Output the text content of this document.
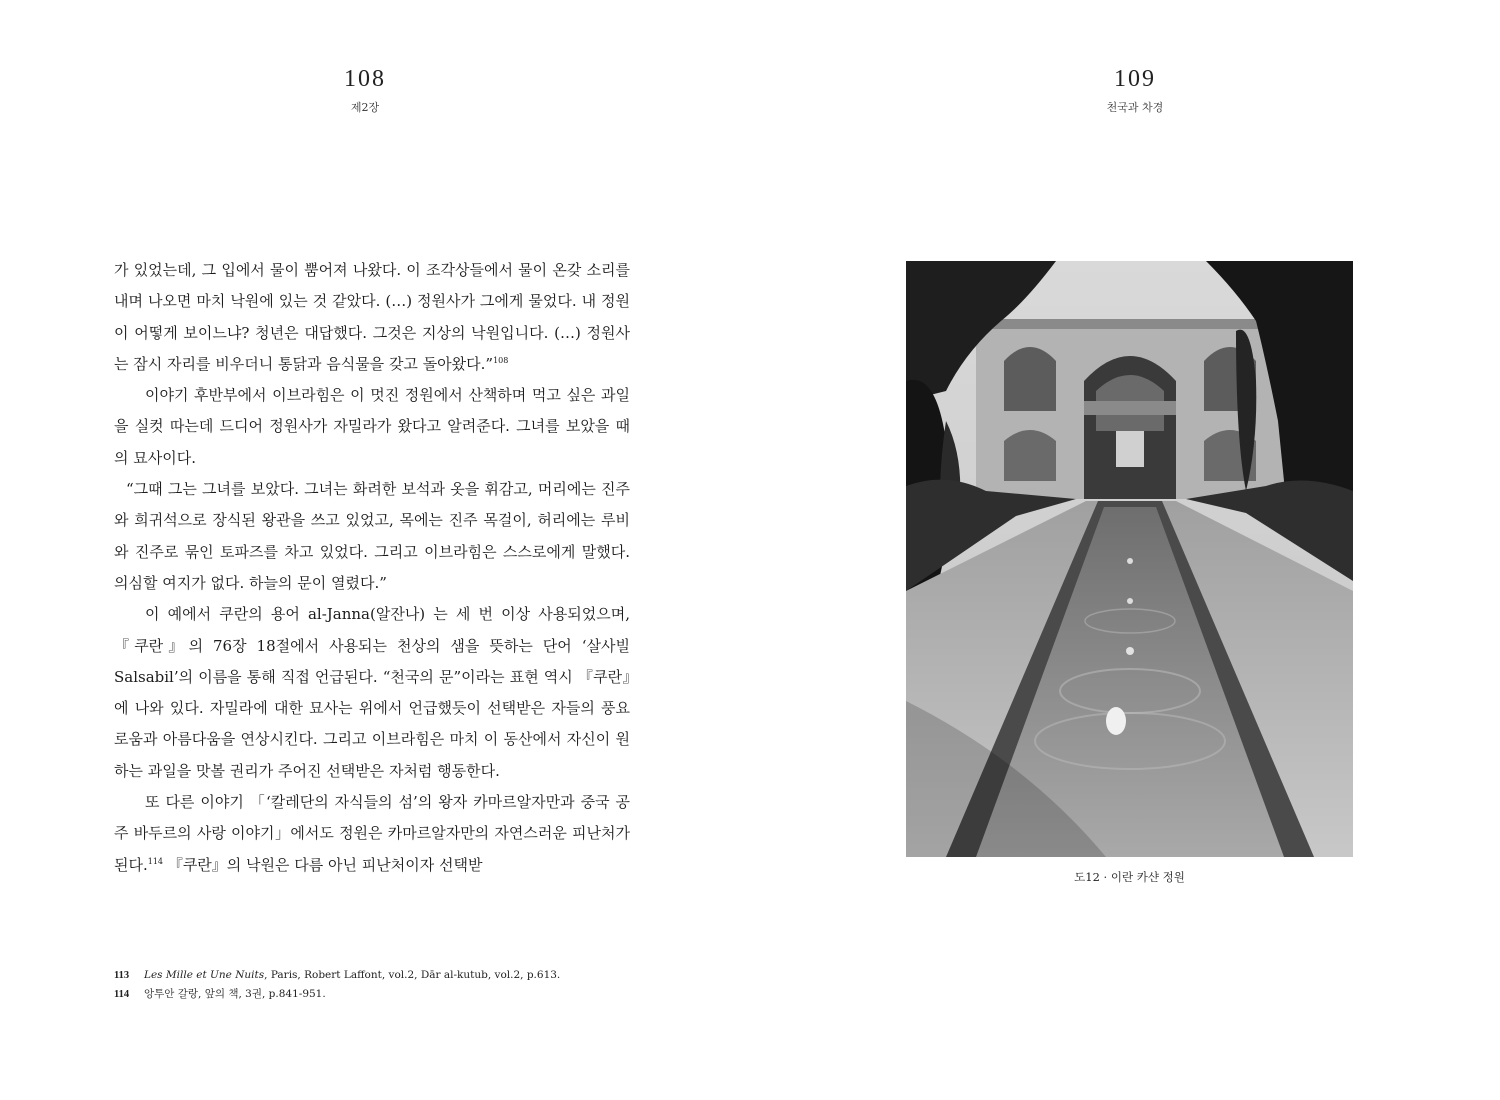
108
제2장

가 있었는데, 그 입에서 물이 뿜어져 나왔다. 이 조각상들에서 물이 온갖 소리를 내며 나오면 마치 낙원에 있는 것 같았다. (…) 정원사가 그에게 물었다. 내 정원이 어떻게 보이느냐? 청년은 대답했다. 그것은 지상의 낙원입니다. (…) 정원사는 잠시 자리를 비우더니 통닭과 음식물을 갖고 돌아왔다.”$^{108}$

이야기 후반부에서 이브라힘은 이 멋진 정원에서 산책하며 먹고 싶은 과일을 실컷 따는데 드디어 정원사가 자밀라가 왔다고 알려준다. 그녀를 보았을 때의 묘사이다.

“그때 그는 그녀를 보았다. 그녀는 화려한 보석과 옷을 휘감고, 머리에는 진주와 희귀석으로 장식된 왕관을 쓰고 있었고, 목에는 진주 목걸이, 허리에는 루비와 진주로 묶인 토파즈를 차고 있었다. 그리고 이브라힘은 스스로에게 말했다. 의심할 여지가 없다. 하늘의 문이 열렸다.”

이 예에서 쿠란의 용어 al-Janna(알잔나) 는 세 번 이상 사용되었으며, 『쿠란』의 76장 18절에서 사용되는 천상의 샘을 뜻하는 단어 ‘살사빌 Salsabil’의 이름을 통해 직접 언급된다. “천국의 문”이라는 표현 역시 『쿠란』에 나와 있다. 자밀라에 대한 묘사는 위에서 언급했듯이 선택받은 자들의 풍요로움과 아름다움을 연상시킨다. 그리고 이브라힘은 마치 이 동산에서 자신이 원하는 과일을 맛볼 권리가 주어진 선택받은 자처럼 행동한다.

또 다른 이야기 「‘칼레단의 자식들의 섬’의 왕자 카마르알자만과 중국 공주 바두르의 사랑 이야기」에서도 정원은 카마르알자만의 자연스러운 피난처가 된다.$^{114}$ 『쿠란』의 낙원은 다름 아닌 피난처이자 선택받

113	Les Mille et Une Nuits, Paris, Robert Laffont, vol.2, Dār al-kutub, vol.2, p.613.
114	앙투안 갈랑, 앞의 책, 3권, p.841-951.
109
천국과 차경
도12 · 이란 카샨 정원
